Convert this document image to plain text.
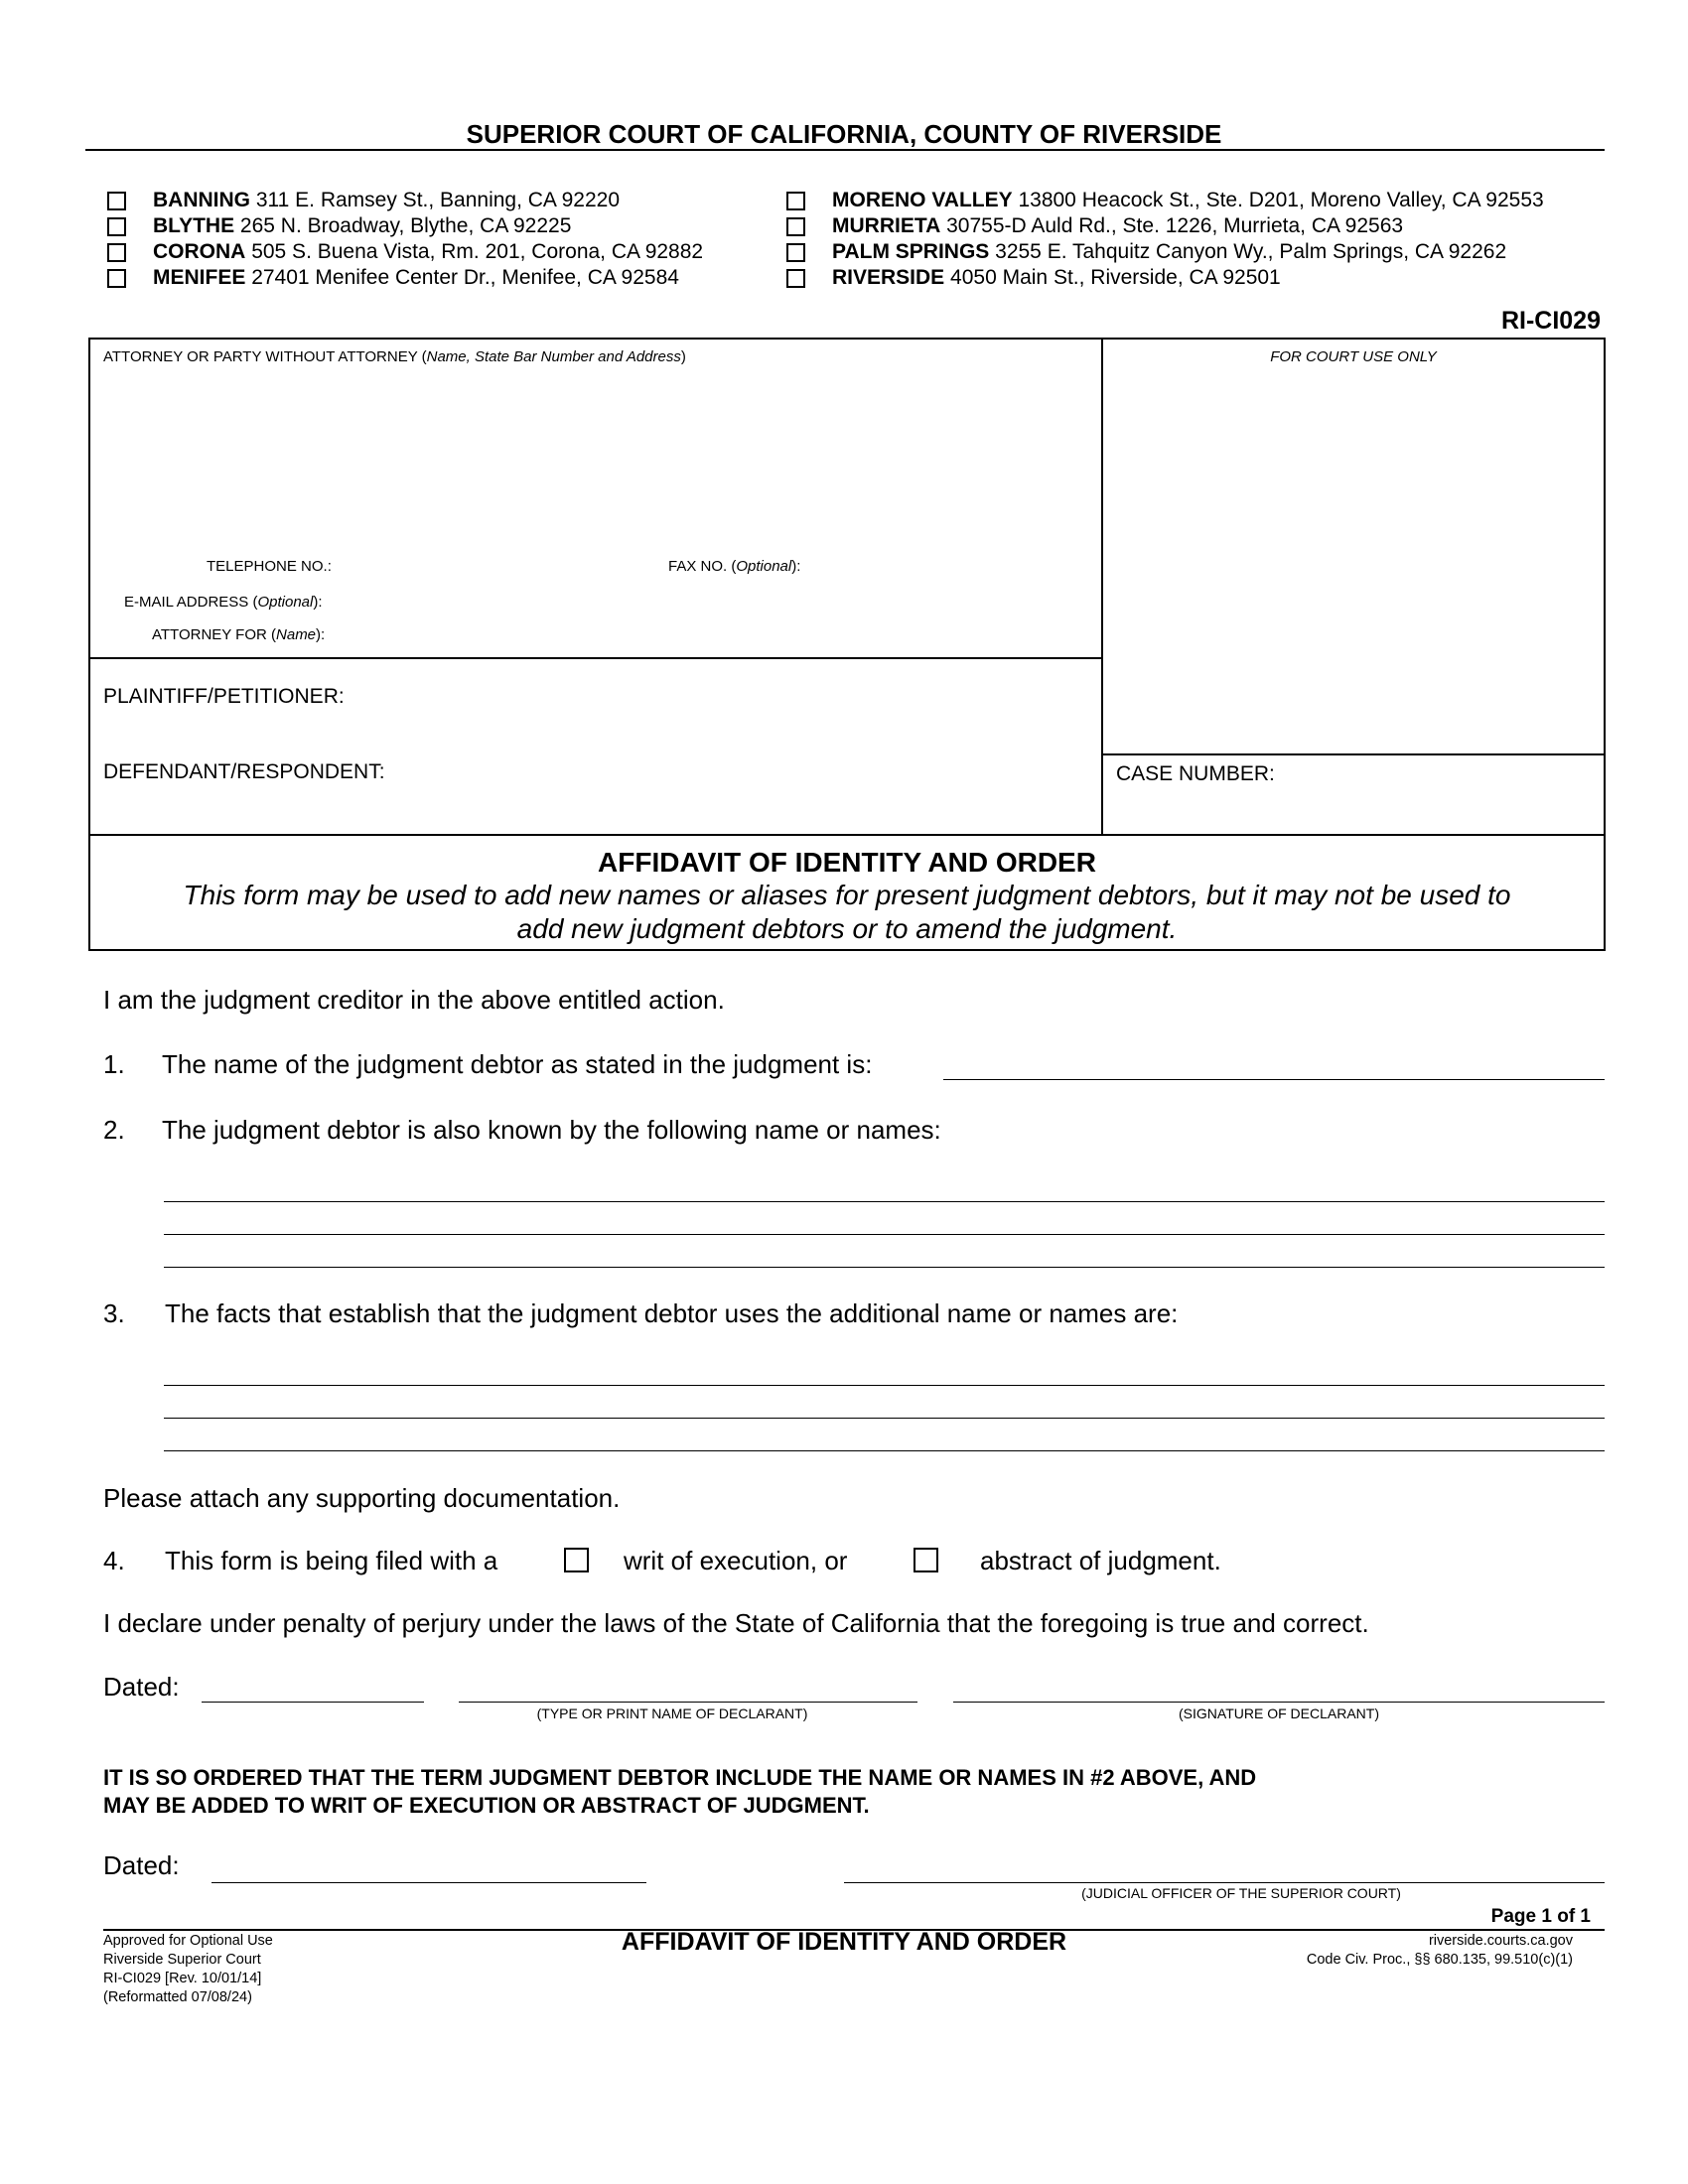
SUPERIOR COURT OF CALIFORNIA, COUNTY OF RIVERSIDE
BANNING 311 E. Ramsey St., Banning, CA 92220
BLYTHE 265 N. Broadway, Blythe, CA 92225
CORONA 505 S. Buena Vista, Rm. 201, Corona, CA 92882
MENIFEE 27401 Menifee Center Dr., Menifee, CA 92584
MORENO VALLEY 13800 Heacock St., Ste. D201, Moreno Valley, CA 92553
MURRIETA 30755-D Auld Rd., Ste. 1226, Murrieta, CA 92563
PALM SPRINGS 3255 E. Tahquitz Canyon Wy., Palm Springs, CA 92262
RIVERSIDE 4050 Main St., Riverside, CA 92501
RI-CI029
ATTORNEY OR PARTY WITHOUT ATTORNEY (Name, State Bar Number and Address)	FOR COURT USE ONLY
TELEPHONE NO.:	FAX NO. (Optional):
E-MAIL ADDRESS (Optional):
ATTORNEY FOR (Name):
PLAINTIFF/PETITIONER:
DEFENDANT/RESPONDENT:	CASE NUMBER:
AFFIDAVIT OF IDENTITY AND ORDER
This form may be used to add new names or aliases for present judgment debtors, but it may not be used to
add new judgment debtors or to amend the judgment.
I am the judgment creditor in the above entitled action.
1. The name of the judgment debtor as stated in the judgment is:
2. The judgment debtor is also known by the following name or names:
3. The facts that establish that the judgment debtor uses the additional name or names are:
Please attach any supporting documentation.
4. This form is being filed with a	writ of execution, or	abstract of judgment.
I declare under penalty of perjury under the laws of the State of California that the foregoing is true and correct.
Dated:
(TYPE OR PRINT NAME OF DECLARANT)	(SIGNATURE OF DECLARANT)
IT IS SO ORDERED THAT THE TERM JUDGMENT DEBTOR INCLUDE THE NAME OR NAMES IN #2 ABOVE, AND
MAY BE ADDED TO WRIT OF EXECUTION OR ABSTRACT OF JUDGMENT.
Dated:
(JUDICIAL OFFICER OF THE SUPERIOR COURT)
Page 1 of 1
Approved for Optional Use
Riverside Superior Court
RI-CI029 [Rev. 10/01/14]
(Reformatted 07/08/24)
AFFIDAVIT OF IDENTITY AND ORDER	riverside.courts.ca.gov
Code Civ. Proc., §§ 680.135, 99.510(c)(1)
